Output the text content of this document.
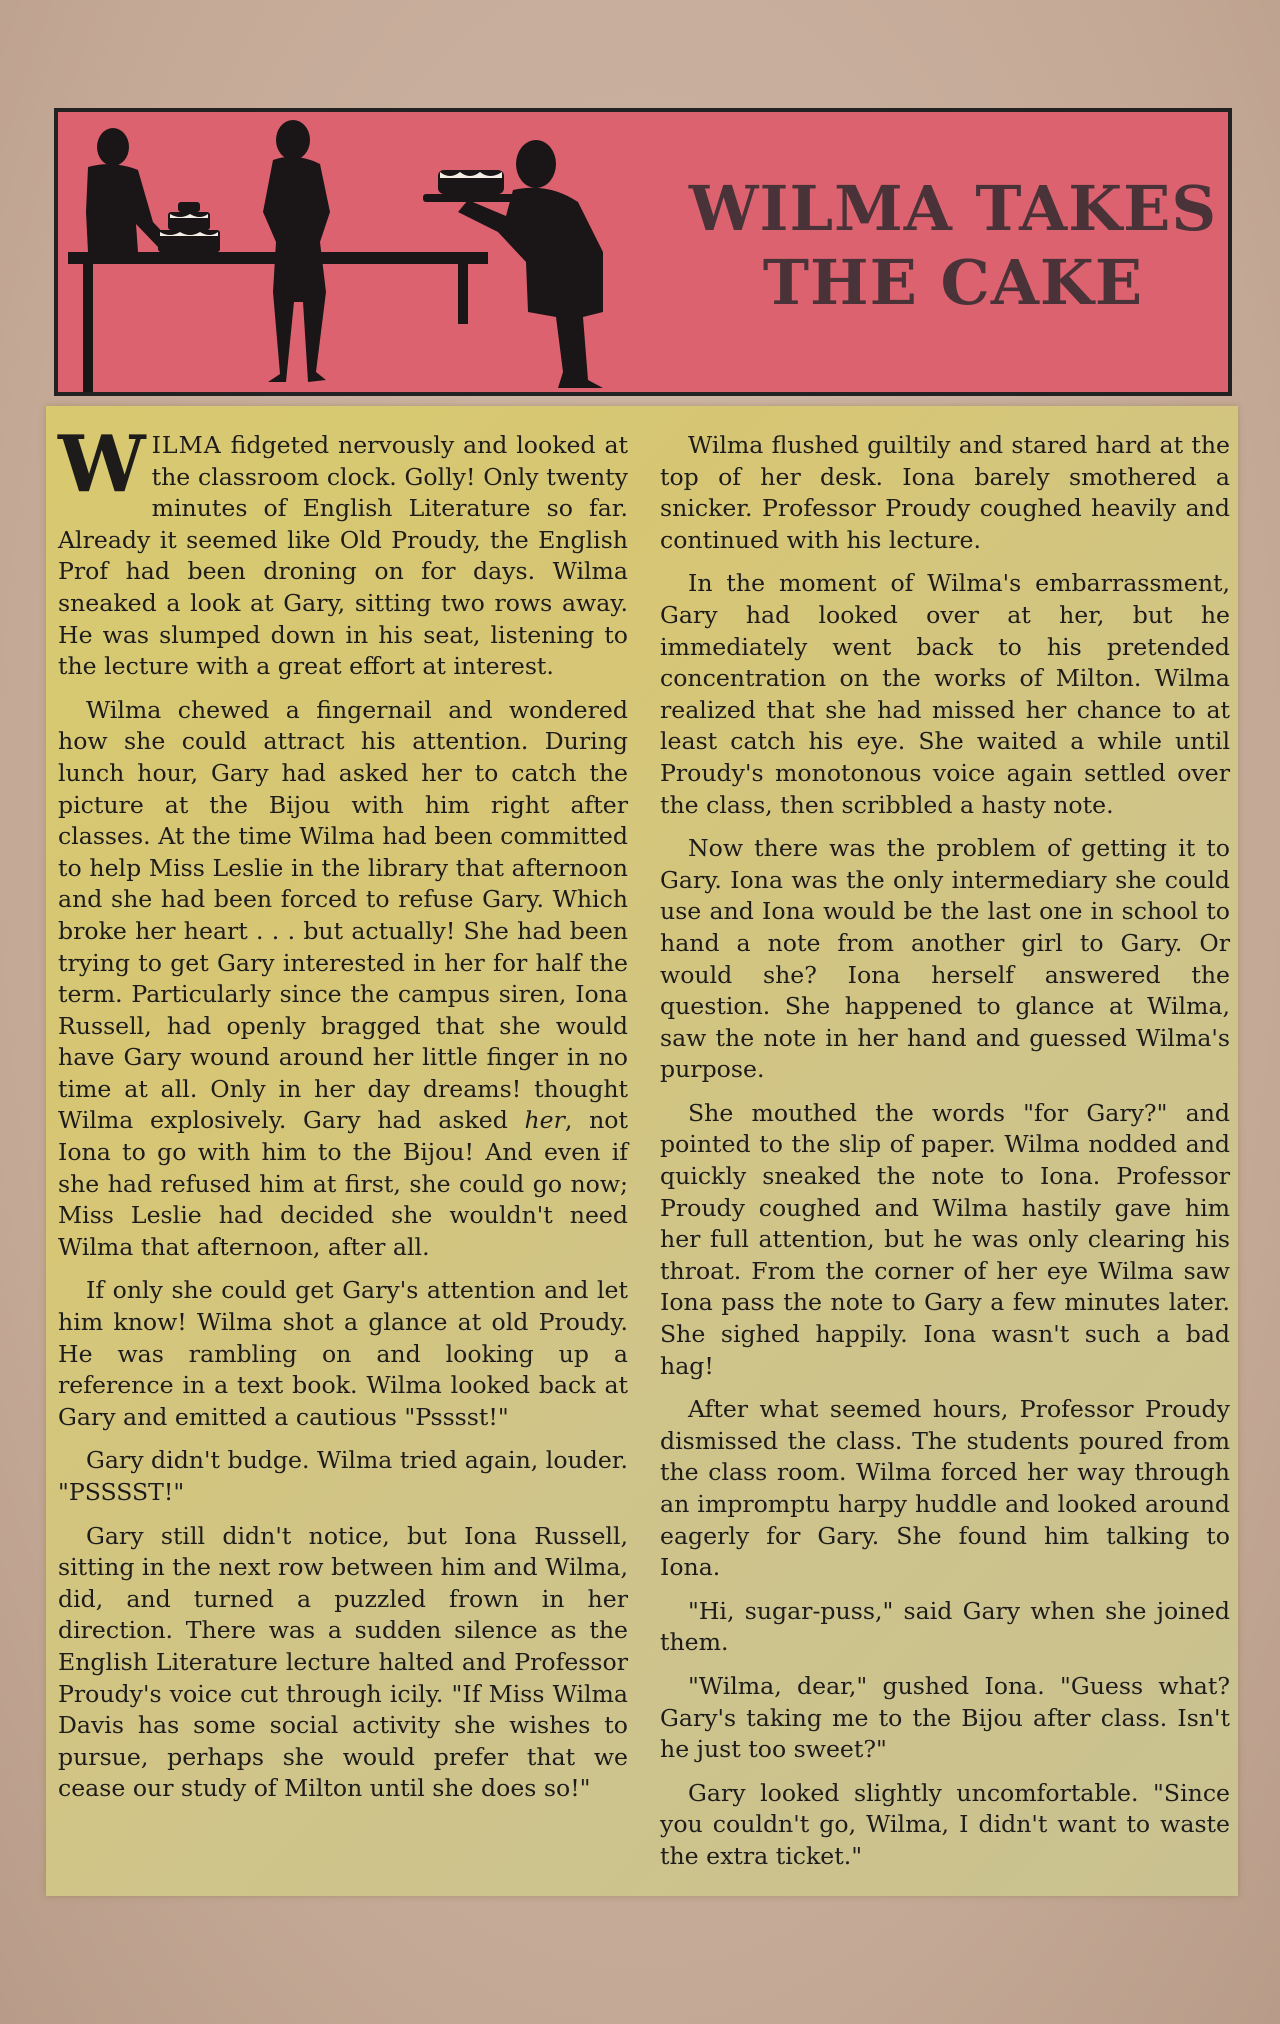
WILMA TAKES
THE CAKE

WILMA fidgeted nervously and looked at the classroom clock. Golly! Only twenty minutes of English Literature so far. Already it seemed like Old Proudy, the English Prof had been droning on for days. Wilma sneaked a look at Gary, sitting two rows away. He was slumped down in his seat, listening to the lecture with a great effort at interest.

Wilma chewed a fingernail and wondered how she could attract his attention. During lunch hour, Gary had asked her to catch the picture at the Bijou with him right after classes. At the time Wilma had been committed to help Miss Leslie in the library that afternoon and she had been forced to refuse Gary. Which broke her heart . . . but actually! She had been trying to get Gary interested in her for half the term. Particularly since the campus siren, Iona Russell, had openly bragged that she would have Gary wound around her little finger in no time at all. Only in her day dreams! thought Wilma explosively. Gary had asked her, not Iona to go with him to the Bijou! And even if she had refused him at first, she could go now; Miss Leslie had decided she wouldn't need Wilma that afternoon, after all.

If only she could get Gary's attention and let him know! Wilma shot a glance at old Proudy. He was rambling on and looking up a reference in a text book. Wilma looked back at Gary and emitted a cautious "Psssst!"

Gary didn't budge. Wilma tried again, louder. "PSSSST!"

Gary still didn't notice, but Iona Russell, sitting in the next row between him and Wilma, did, and turned a puzzled frown in her direction. There was a sudden silence as the English Literature lecture halted and Professor Proudy's voice cut through icily. "If Miss Wilma Davis has some social activity she wishes to pursue, perhaps she would prefer that we cease our study of Milton until she does so!"

Wilma flushed guiltily and stared hard at the top of her desk. Iona barely smothered a snicker. Professor Proudy coughed heavily and continued with his lecture.

In the moment of Wilma's embarrassment, Gary had looked over at her, but he immediately went back to his pretended concentration on the works of Milton. Wilma realized that she had missed her chance to at least catch his eye. She waited a while until Proudy's monotonous voice again settled over the class, then scribbled a hasty note.

Now there was the problem of getting it to Gary. Iona was the only intermediary she could use and Iona would be the last one in school to hand a note from another girl to Gary. Or would she? Iona herself answered the question. She happened to glance at Wilma, saw the note in her hand and guessed Wilma's purpose.

She mouthed the words "for Gary?" and pointed to the slip of paper. Wilma nodded and quickly sneaked the note to Iona. Professor Proudy coughed and Wilma hastily gave him her full attention, but he was only clearing his throat. From the corner of her eye Wilma saw Iona pass the note to Gary a few minutes later. She sighed happily. Iona wasn't such a bad hag!

After what seemed hours, Professor Proudy dismissed the class. The students poured from the class room. Wilma forced her way through an impromptu harpy huddle and looked around eagerly for Gary. She found him talking to Iona.

"Hi, sugar-puss," said Gary when she joined them.

"Wilma, dear," gushed Iona. "Guess what? Gary's taking me to the Bijou after class. Isn't he just too sweet?"

Gary looked slightly uncomfortable. "Since you couldn't go, Wilma, I didn't want to waste the extra ticket."
